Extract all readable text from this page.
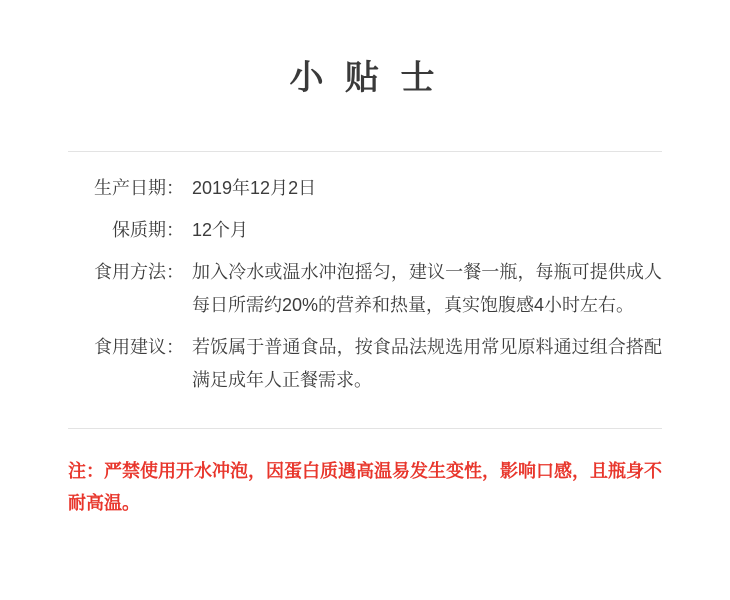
小 贴 士
生产日期：	2019年12月2日
保质期：	12个月
食用方法：	加入冷水或温水冲泡摇匀，建议一餐一瓶，每瓶可提供成人每日所需约20%的营养和热量，真实饱腹感4小时左右。
食用建议：	若饭属于普通食品，按食品法规选用常见原料通过组合搭配满足成年人正餐需求。
注：严禁使用开水冲泡，因蛋白质遇高温易发生变性，影响口感，且瓶身不耐高温。
